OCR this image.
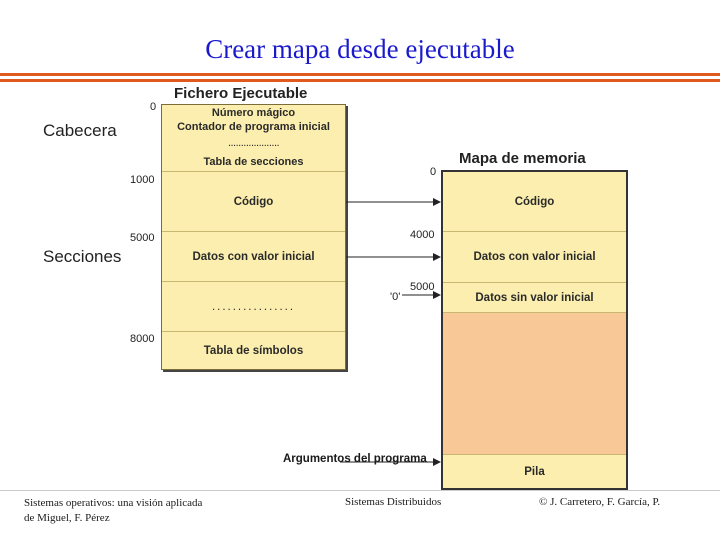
Crear mapa desde ejecutable
Cabecera
Secciones
Fichero Ejecutable
0
1000
5000
8000
Número mágico
Contador de programa inicial
....................
Tabla de secciones
Código
Datos con valor inicial
................
Tabla de símbolos
Mapa de memoria
0
4000
5000
'0'
Código
Datos con valor inicial
Datos sin valor inicial
Pila
Argumentos del programa
Sistemas operativos: una visión aplicada
de Miguel, F. Pérez
Sistemas Distribuidos	© J. Carretero, F. García, P.
